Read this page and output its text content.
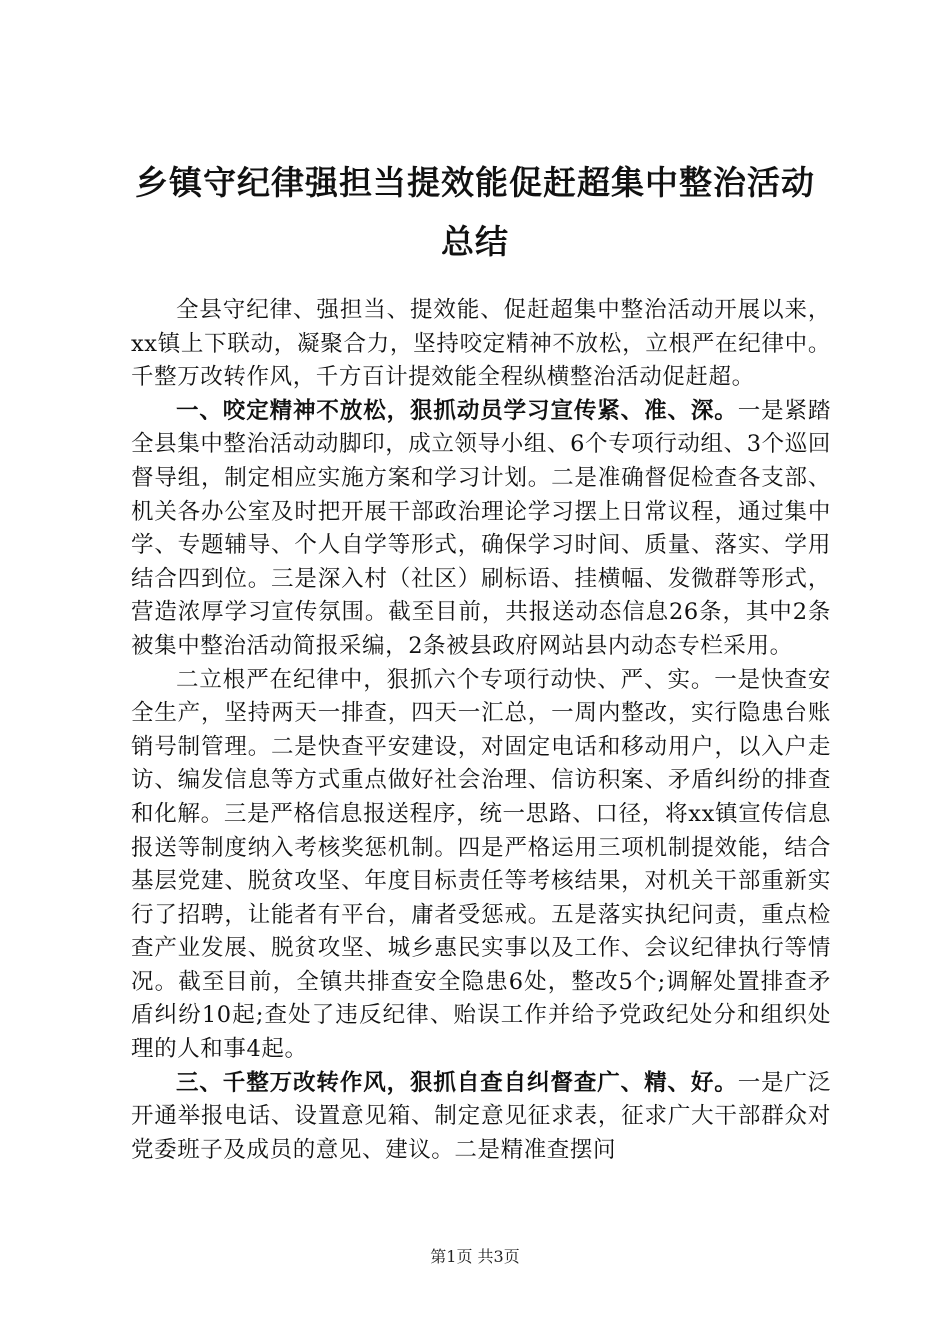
乡镇守纪律强担当提效能促赶超集中整治活动
总结

全县守纪律、强担当、提效能、促赶超集中整治活动开展以来，xx镇上下联动，凝聚合力，坚持咬定精神不放松，立根严在纪律中。千整万改转作风，千方百计提效能全程纵横整治活动促赶超。

一、咬定精神不放松，狠抓动员学习宣传紧、准、深。一是紧踏全县集中整治活动动脚印，成立领导小组、6个专项行动组、3个巡回督导组，制定相应实施方案和学习计划。二是准确督促检查各支部、机关各办公室及时把开展干部政治理论学习摆上日常议程，通过集中学、专题辅导、个人自学等形式，确保学习时间、质量、落实、学用结合四到位。三是深入村（社区）刷标语、挂横幅、发微群等形式，营造浓厚学习宣传氛围。截至目前，共报送动态信息26条，其中2条被集中整治活动简报采编，2条被县政府网站县内动态专栏采用。

二立根严在纪律中，狠抓六个专项行动快、严、实。一是快查安全生产，坚持两天一排查，四天一汇总，一周内整改，实行隐患台账销号制管理。二是快查平安建设，对固定电话和移动用户，以入户走访、编发信息等方式重点做好社会治理、信访积案、矛盾纠纷的排查和化解。三是严格信息报送程序，统一思路、口径，将xx镇宣传信息报送等制度纳入考核奖惩机制。四是严格运用三项机制提效能，结合基层党建、脱贫攻坚、年度目标责任等考核结果，对机关干部重新实行了招聘，让能者有平台，庸者受惩戒。五是落实执纪问责，重点检查产业发展、脱贫攻坚、城乡惠民实事以及工作、会议纪律执行等情况。截至目前，全镇共排查安全隐患6处，整改5个;调解处置排查矛盾纠纷10起;查处了违反纪律、贻误工作并给予党政纪处分和组织处理的人和事4起。

三、千整万改转作风，狠抓自查自纠督查广、精、好。一是广泛开通举报电话、设置意见箱、制定意见征求表，征求广大干部群众对党委班子及成员的意见、建议。二是精准查摆问

第1页 共3页
